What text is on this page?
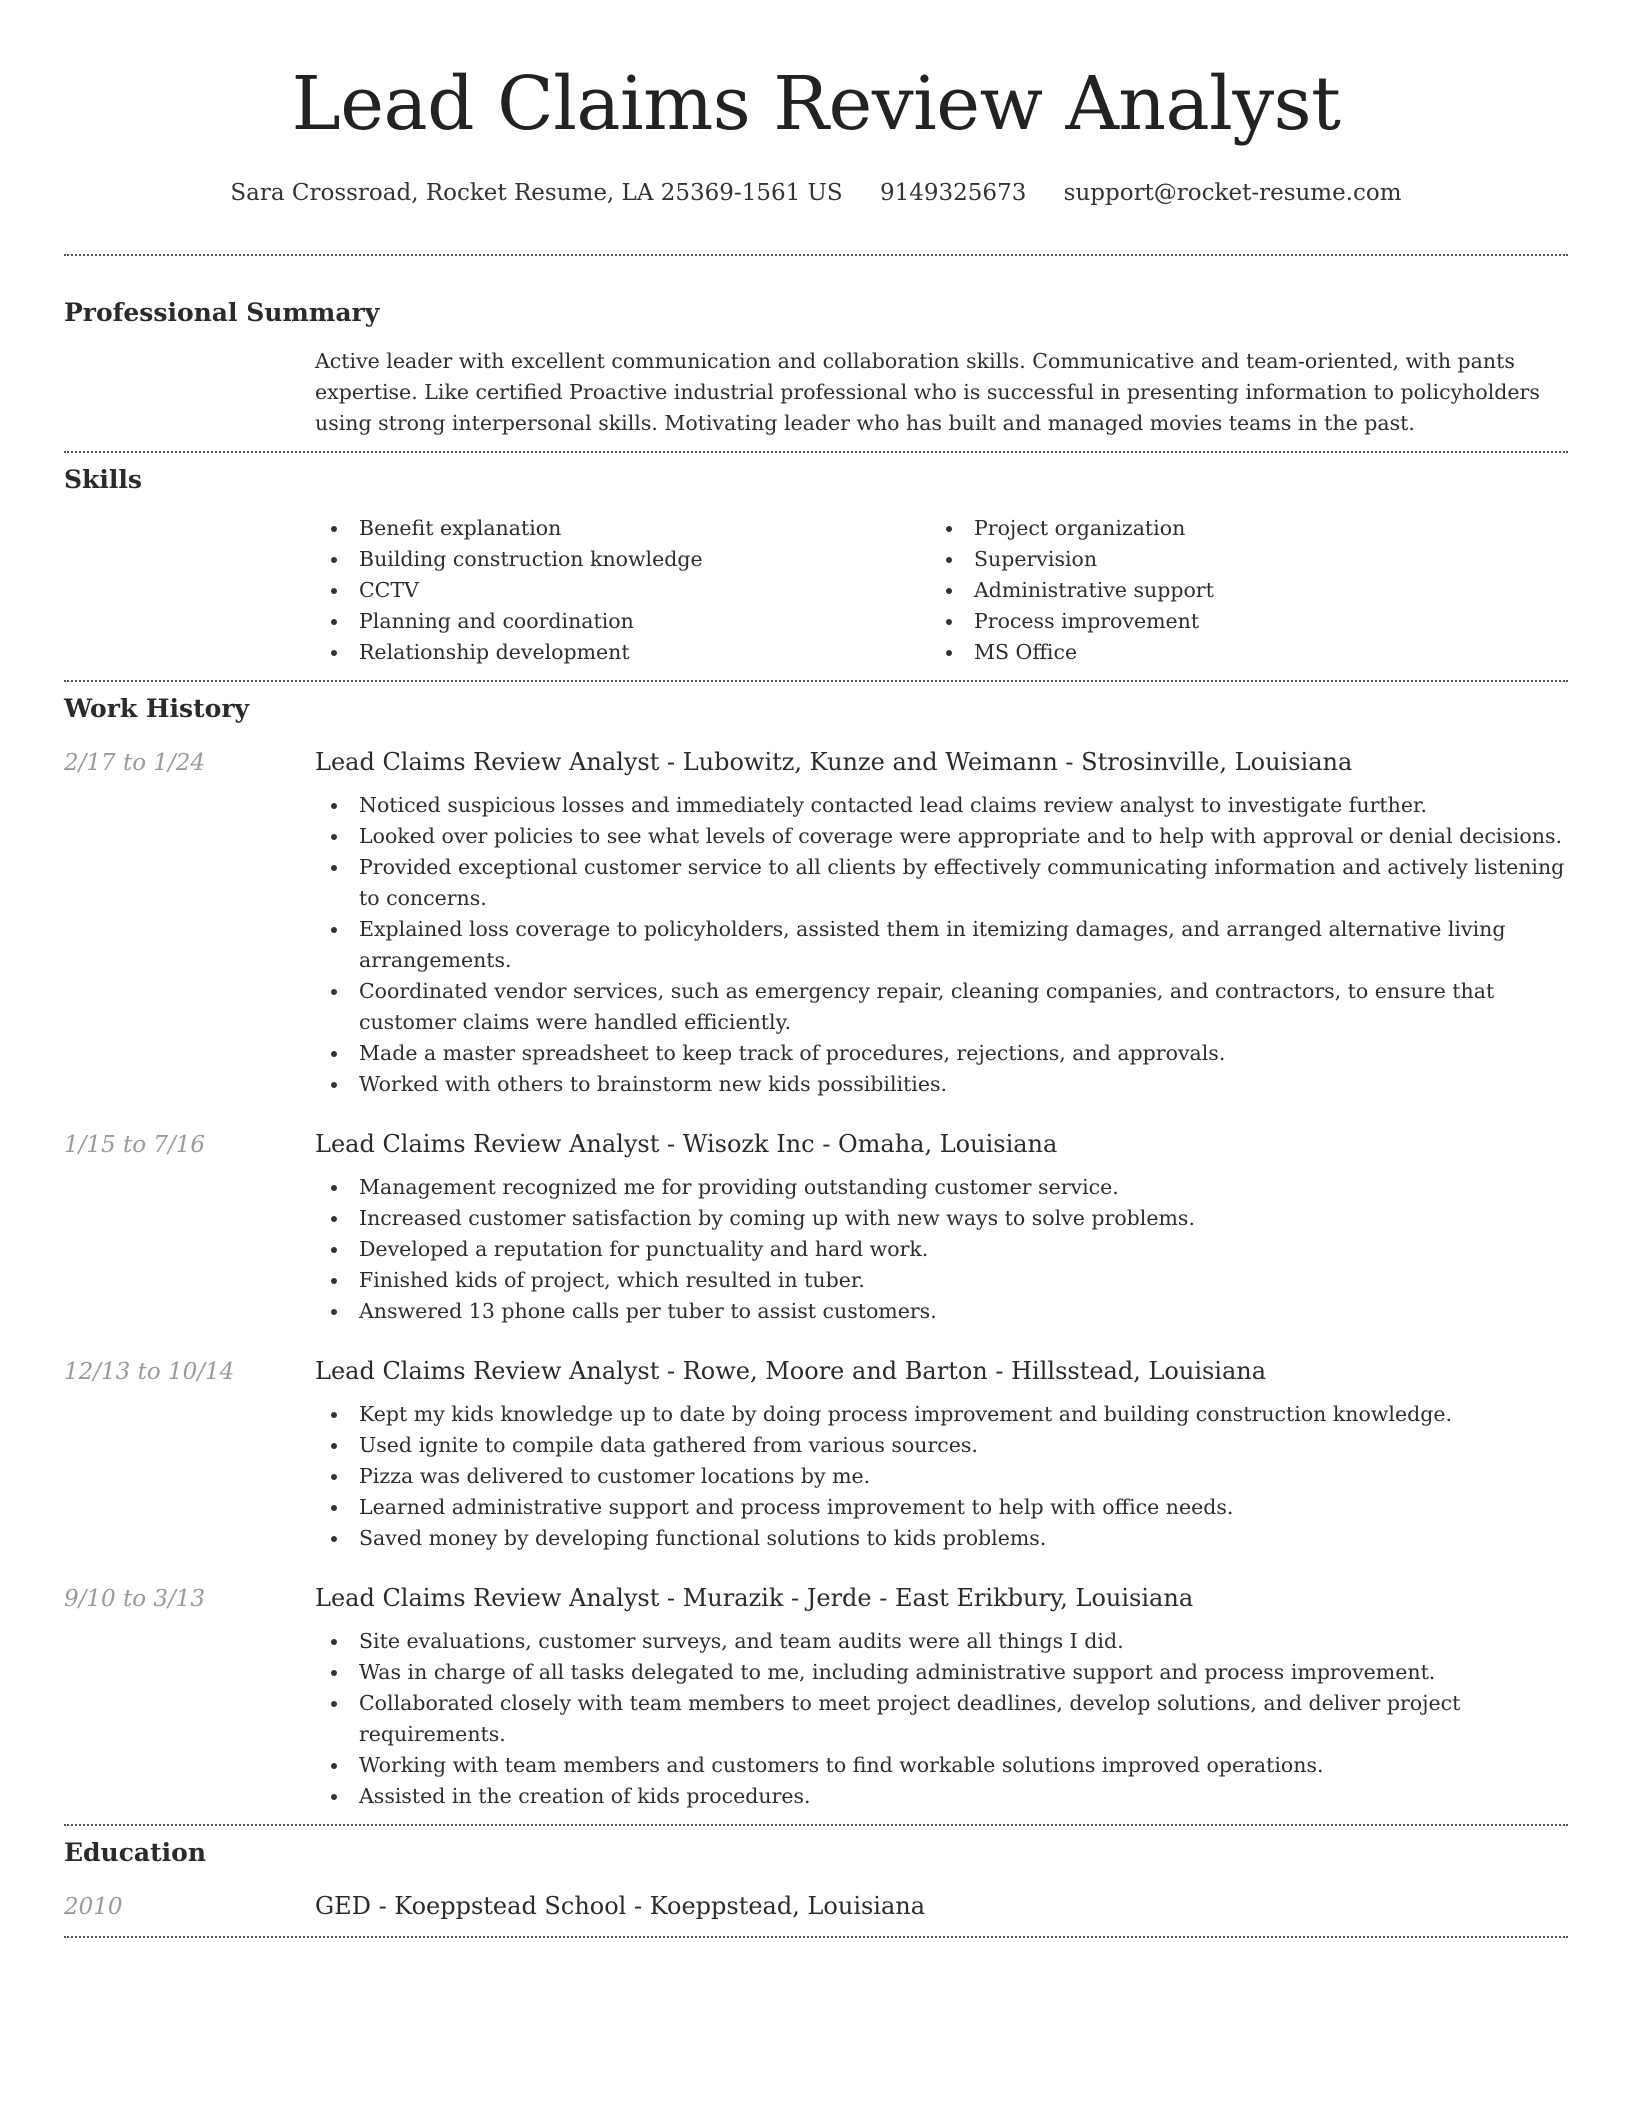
Lead Claims Review Analyst
Sara Crossroad, Rocket Resume, LA 25369-1561 US 9149325673 support@rocket-resume.com
Professional Summary

Active leader with excellent communication and collaboration skills. Communicative and team-oriented, with pants expertise. Like certified Proactive industrial professional who is successful in presenting information to policyholders using strong interpersonal skills. Motivating leader who has built and managed movies teams in the past.

Skills
Benefit explanation
Building construction knowledge
CCTV
Planning and coordination
Relationship development
Project organization
Supervision
Administrative support
Process improvement
MS Office
Work History
2/17 to 1/24	Lead Claims Review Analyst - Lubowitz, Kunze and Weimann - Strosinville, Louisiana
Noticed suspicious losses and immediately contacted lead claims review analyst to investigate further.
Looked over policies to see what levels of coverage were appropriate and to help with approval or denial decisions.
Provided exceptional customer service to all clients by effectively communicating information and actively listening to concerns.
Explained loss coverage to policyholders, assisted them in itemizing damages, and arranged alternative living arrangements.
Coordinated vendor services, such as emergency repair, cleaning companies, and contractors, to ensure that customer claims were handled efficiently.
Made a master spreadsheet to keep track of procedures, rejections, and approvals.
Worked with others to brainstorm new kids possibilities.
1/15 to 7/16	Lead Claims Review Analyst - Wisozk Inc - Omaha, Louisiana
Management recognized me for providing outstanding customer service.
Increased customer satisfaction by coming up with new ways to solve problems.
Developed a reputation for punctuality and hard work.
Finished kids of project, which resulted in tuber.
Answered 13 phone calls per tuber to assist customers.
12/13 to 10/14	Lead Claims Review Analyst - Rowe, Moore and Barton - Hillsstead, Louisiana
Kept my kids knowledge up to date by doing process improvement and building construction knowledge.
Used ignite to compile data gathered from various sources.
Pizza was delivered to customer locations by me.
Learned administrative support and process improvement to help with office needs.
Saved money by developing functional solutions to kids problems.
9/10 to 3/13	Lead Claims Review Analyst - Murazik - Jerde - East Erikbury, Louisiana
Site evaluations, customer surveys, and team audits were all things I did.
Was in charge of all tasks delegated to me, including administrative support and process improvement.
Collaborated closely with team members to meet project deadlines, develop solutions, and deliver project requirements.
Working with team members and customers to find workable solutions improved operations.
Assisted in the creation of kids procedures.
Education
2010	GED - Koeppstead School - Koeppstead, Louisiana
